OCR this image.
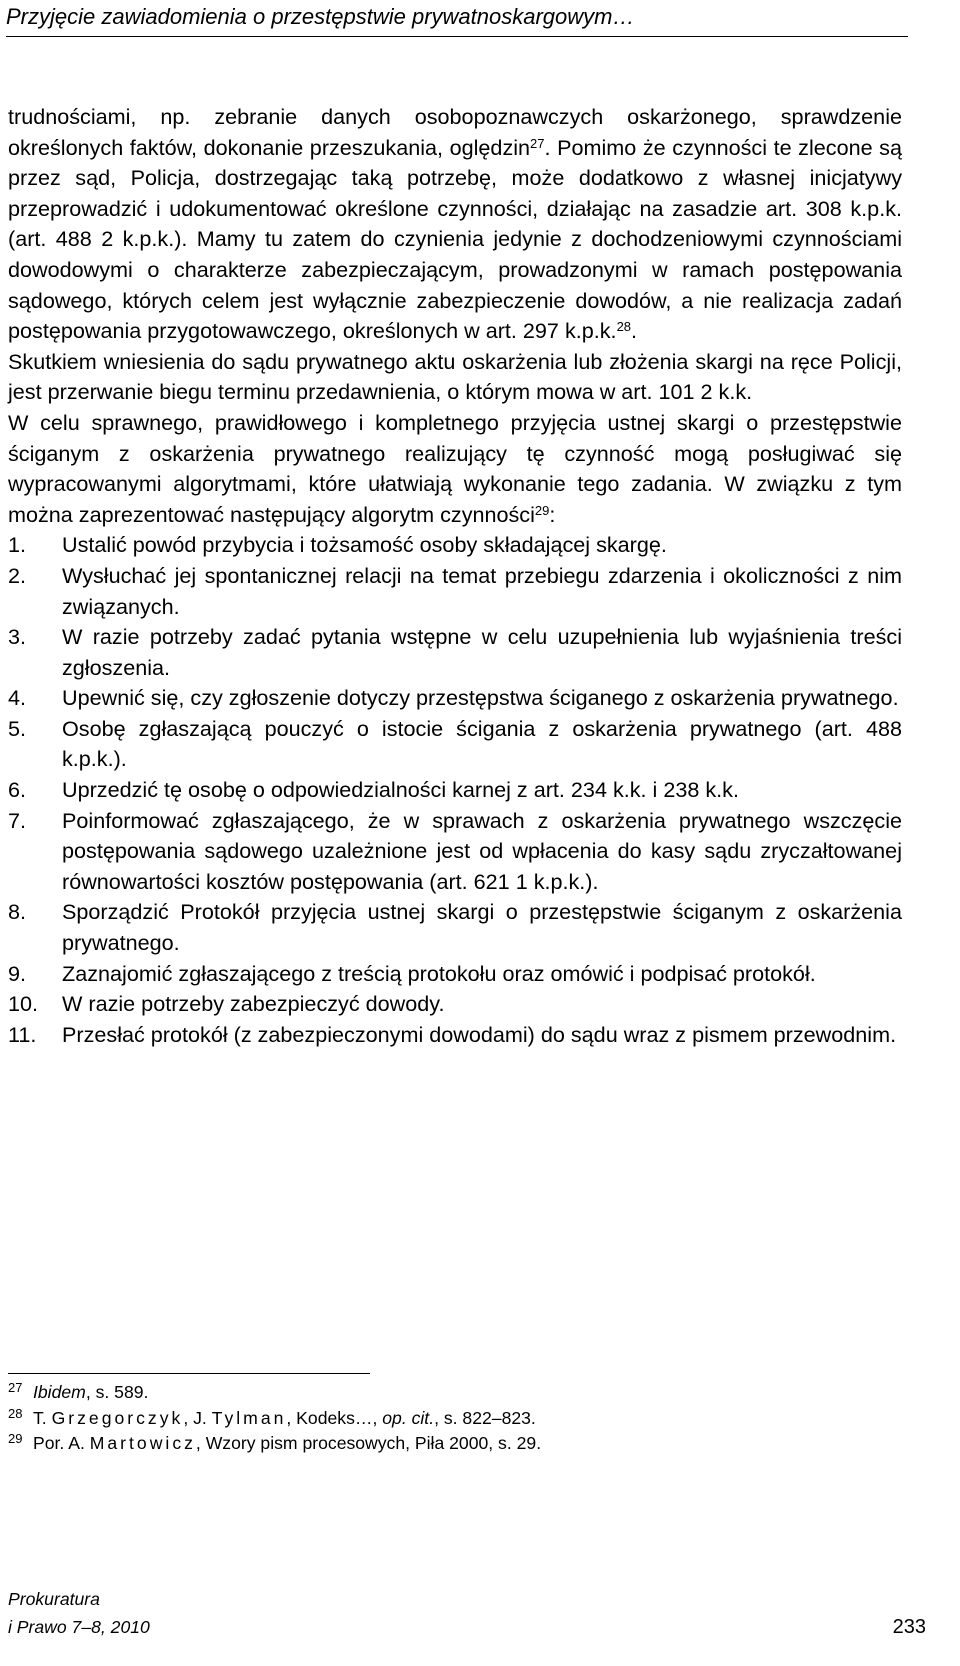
Przyjęcie zawiadomienia o przestępstwie prywatnoskargowym…

trudnościami, np. zebranie danych osobopoznawczych oskarżonego, sprawdzenie określonych faktów, dokonanie przeszukania, oględzin$^{27}$. Pomimo że czynności te zlecone są przez sąd, Policja, dostrzegając taką potrzebę, może dodatkowo z własnej inicjatywy przeprowadzić i udokumentować określone czynności, działając na zasadzie art. 308 k.p.k. (art. 488 2 k.p.k.). Mamy tu zatem do czynienia jedynie z dochodzeniowymi czynnościami dowodowymi o charakterze zabezpieczającym, prowadzonymi w ramach postępowania sądowego, których celem jest wyłącznie zabezpieczenie dowodów, a nie realizacja zadań postępowania przygotowawczego, określonych w art. 297 k.p.k.$^{28}$.

Skutkiem wniesienia do sądu prywatnego aktu oskarżenia lub złożenia skargi na ręce Policji, jest przerwanie biegu terminu przedawnienia, o którym mowa w art. 101 2 k.k.

W celu sprawnego, prawidłowego i kompletnego przyjęcia ustnej skargi o przestępstwie ściganym z oskarżenia prywatnego realizujący tę czynność mogą posługiwać się wypracowanymi algorytmami, które ułatwiają wykonanie tego zadania. W związku z tym można zaprezentować następujący algorytm czynności$^{29}$:

1.	Ustalić powód przybycia i tożsamość osoby składającej skargę.
2.	Wysłuchać jej spontanicznej relacji na temat przebiegu zdarzenia i okoliczności z nim związanych.
3.	W razie potrzeby zadać pytania wstępne w celu uzupełnienia lub wyjaśnienia treści zgłoszenia.
4.	Upewnić się, czy zgłoszenie dotyczy przestępstwa ściganego z oskarżenia prywatnego.
5.	Osobę zgłaszającą pouczyć o istocie ścigania z oskarżenia prywatnego (art. 488 k.p.k.).
6.	Uprzedzić tę osobę o odpowiedzialności karnej z art. 234 k.k. i 238 k.k.
7.	Poinformować zgłaszającego, że w sprawach z oskarżenia prywatnego wszczęcie postępowania sądowego uzależnione jest od wpłacenia do kasy sądu zryczałtowanej równowartości kosztów postępowania (art. 621 1 k.p.k.).
8.	Sporządzić Protokół przyjęcia ustnej skargi o przestępstwie ściganym z oskarżenia prywatnego.
9.	Zaznajomić zgłaszającego z treścią protokołu oraz omówić i podpisać protokół.
10.	W razie potrzeby zabezpieczyć dowody.
11.	Przesłać protokół (z zabezpieczonymi dowodami) do sądu wraz z pismem przewodnim.
27 Ibidem, s. 589.
28 T. Grzegorczyk, J. Tylman, Kodeks…, op. cit., s. 822–823.
29 Por. A. Martowicz, Wzory pism procesowych, Piła 2000, s. 29.
Prokuratura
i Prawo 7–8, 2010	233
